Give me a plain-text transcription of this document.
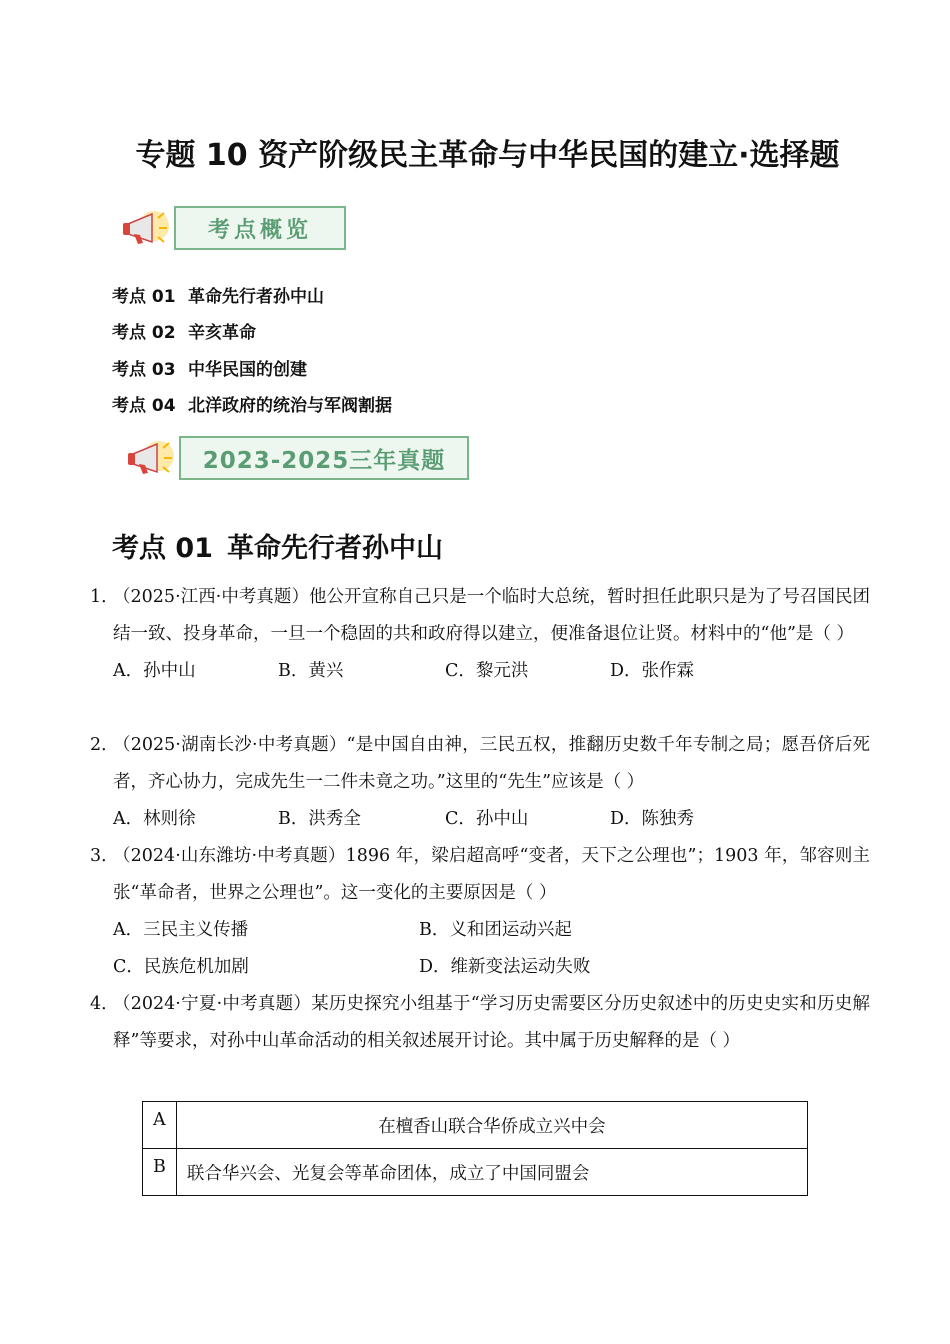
专题 10 资产阶级民主革命与中华民国的建立·选择题
考点概览
考点 01 革命先行者孙中山
考点 02 辛亥革命
考点 03 中华民国的创建
考点 04 北洋政府的统治与军阀割据
2023-2025三年真题
考点 01 革命先行者孙中山
1．
（2025·江西·中考真题）他公开宣称自己只是一个临时大总统，暂时担任此职只是为了号召国民团结一致、投身革命，一旦一个稳固的共和政府得以建立，便准备退位让贤。材料中的“他”是（ ）
A．孙中山	B．黄兴	C．黎元洪	D．张作霖
2．
（2025·湖南长沙·中考真题）“是中国自由神，三民五权，推翻历史数千年专制之局；愿吾侪后死者，齐心协力，完成先生一二件未竟之功。”这里的“先生”应该是（ ）
A．林则徐	B．洪秀全	C．孙中山	D．陈独秀
3．
（2024·山东潍坊·中考真题）1896 年，梁启超高呼“变者，天下之公理也”；1903 年，邹容则主张“革命者，世界之公理也”。这一变化的主要原因是（ ）
A．三民主义传播	B．义和团运动兴起
C．民族危机加剧	D．维新变法运动失败
4．
（2024·宁夏·中考真题）某历史探究小组基于“学习历史需要区分历史叙述中的历史史实和历史解释”等要求，对孙中山革命活动的相关叙述展开讨论。其中属于历史解释的是（ ）
A	在檀香山联合华侨成立兴中会
B	联合华兴会、光复会等革命团体，成立了中国同盟会
